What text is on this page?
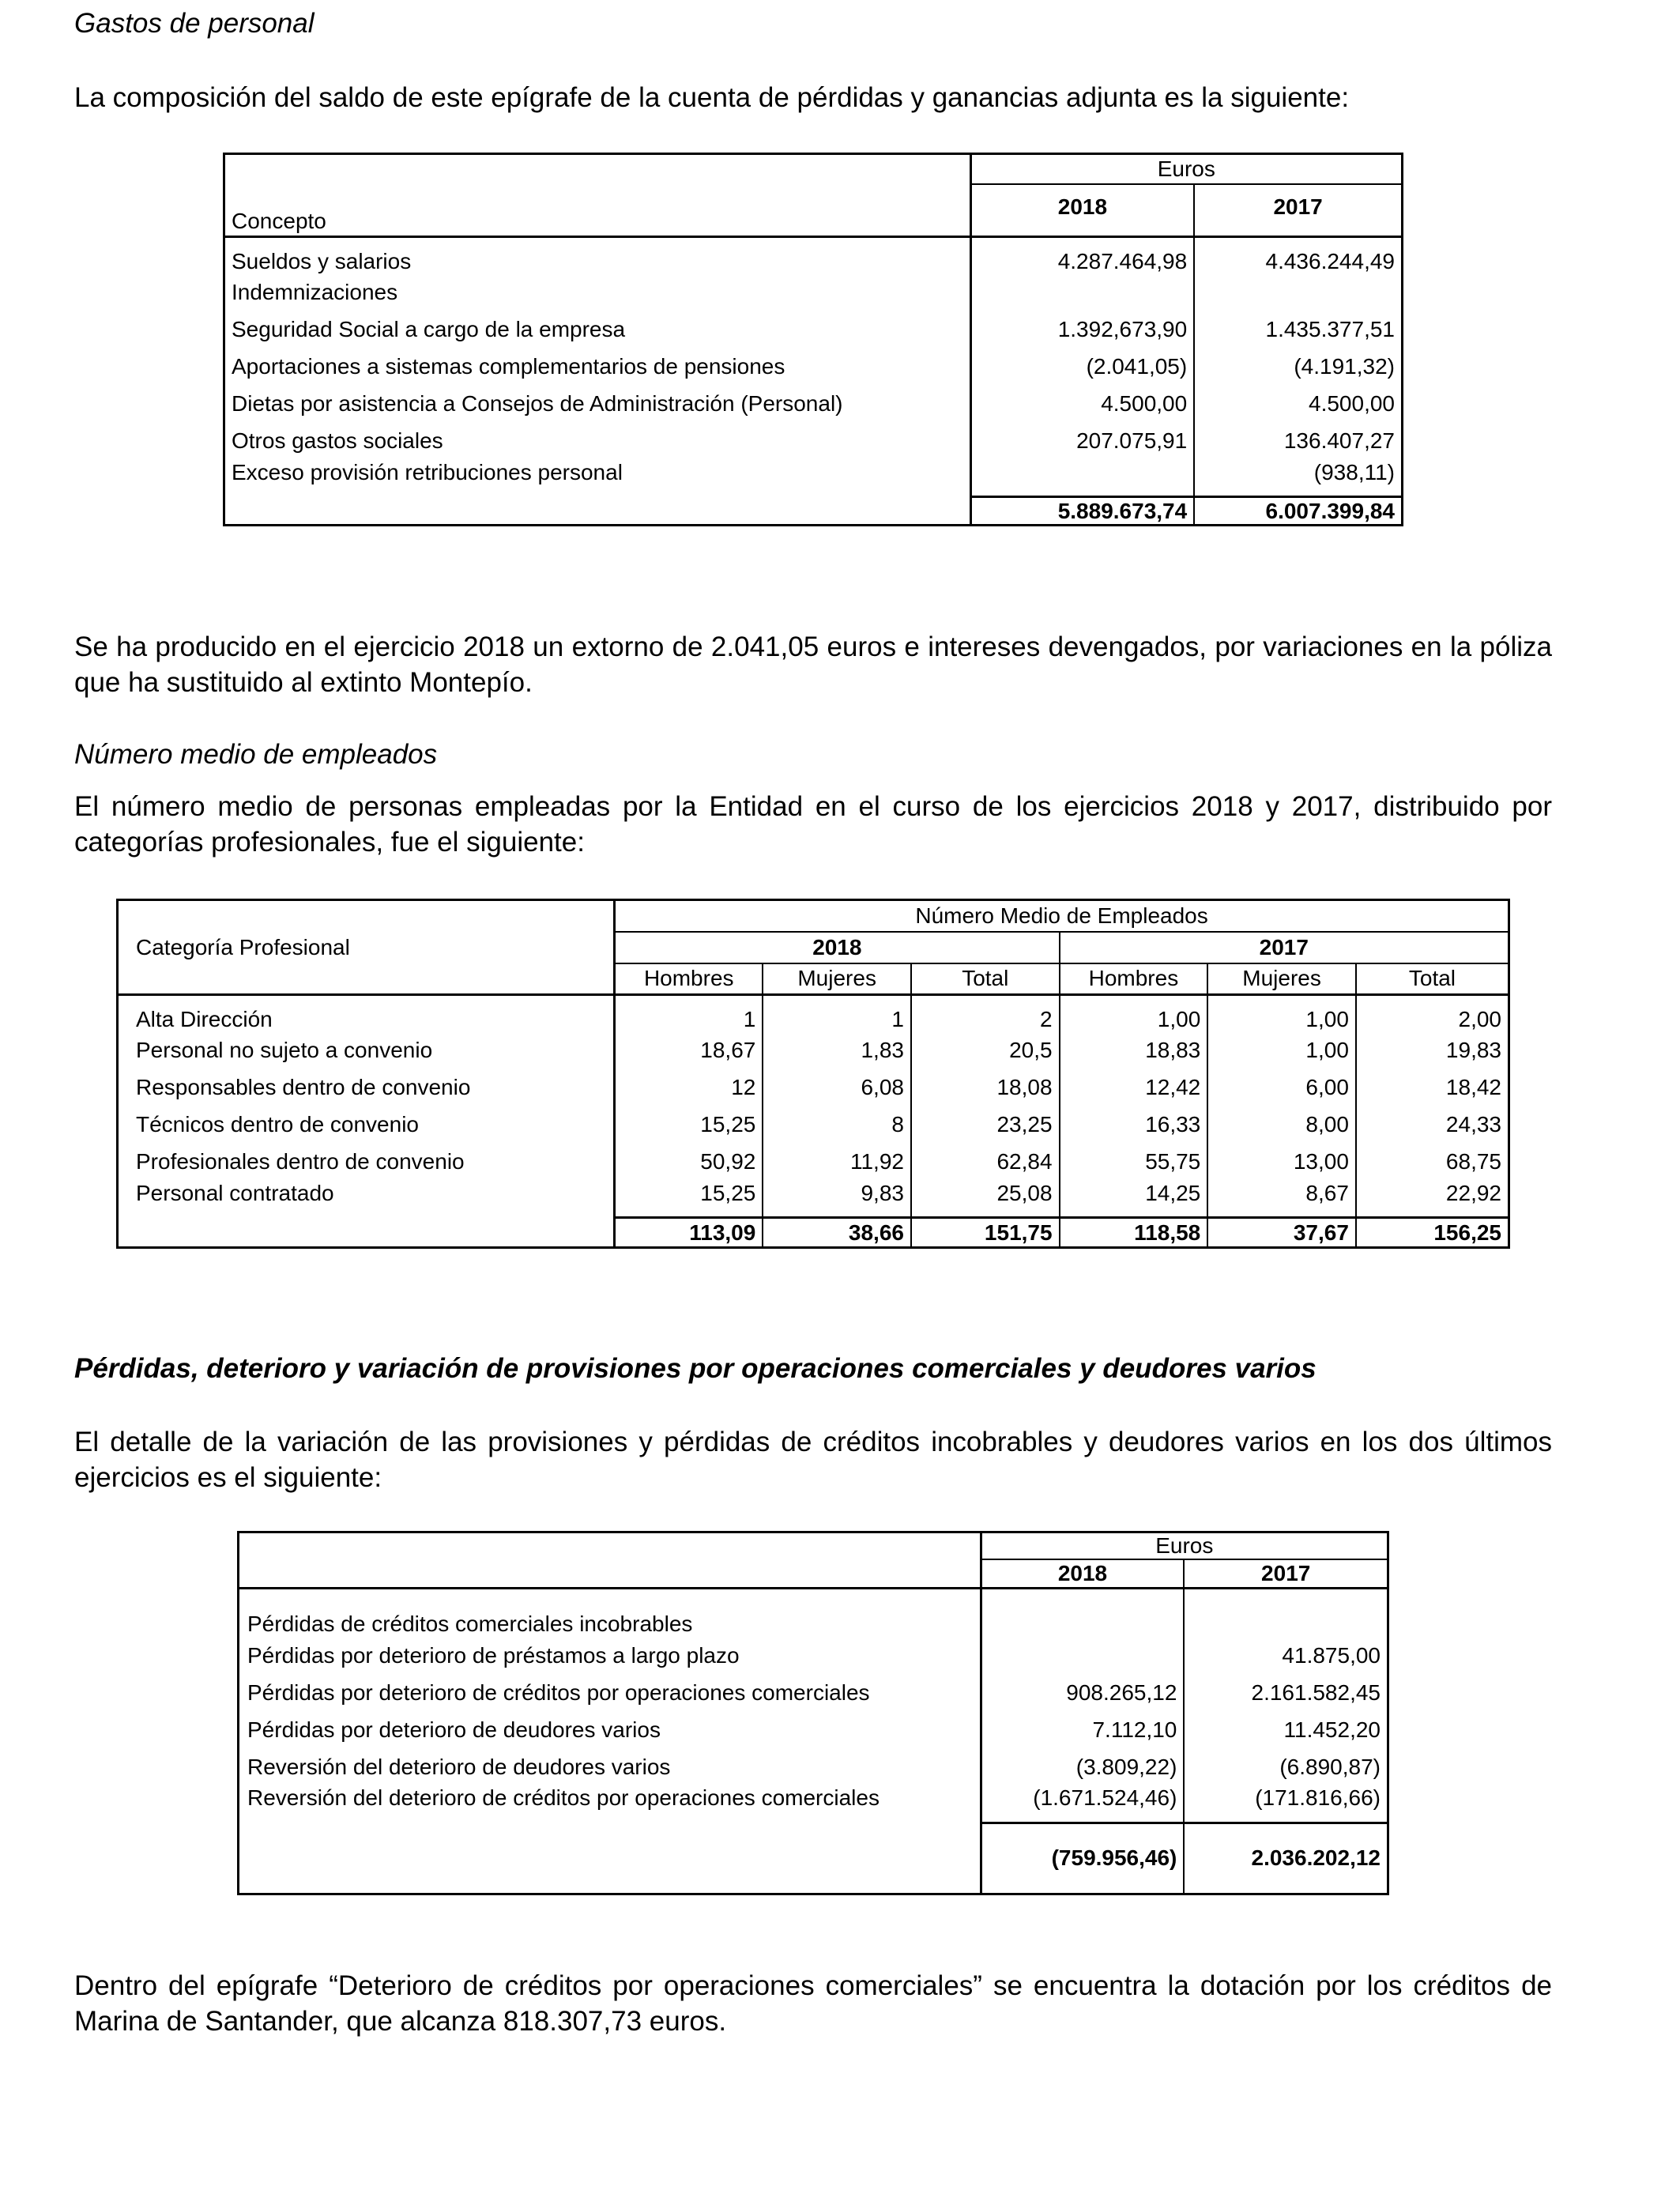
Gastos de personal

La composición del saldo de este epígrafe de la cuenta de pérdidas y ganancias adjunta es la siguiente:

Concepto	Euros	
	2018	2017
Sueldos y salarios	4.287.464,98	4.436.244,49
Indemnizaciones		
Seguridad Social a cargo de la empresa	1.392,673,90	1.435.377,51
Aportaciones a sistemas complementarios de pensiones	(2.041,05)	(4.191,32)
Dietas por asistencia a Consejos de Administración (Personal)	4.500,00	4.500,00
Otros gastos sociales	207.075,91	136.407,27
Exceso provisión retribuciones personal		(938,11)
	5.889.673,74	6.007.399,84

Se ha producido en el ejercicio 2018 un extorno de 2.041,05 euros e intereses devengados, por variaciones en la póliza que ha sustituido al extinto Montepío.

Número medio de empleados

El número medio de personas empleadas por la Entidad en el curso de los ejercicios 2018 y 2017, distribuido por categorías profesionales, fue el siguiente:

Categoría Profesional	Número Medio de Empleados					
	2018			2017		
	Hombres	Mujeres	Total	Hombres	Mujeres	Total
Alta Dirección	1	1	2	1,00	1,00	2,00
Personal no sujeto a convenio	18,67	1,83	20,5	18,83	1,00	19,83
Responsables dentro de convenio	12	6,08	18,08	12,42	6,00	18,42
Técnicos dentro de convenio	15,25	8	23,25	16,33	8,00	24,33
Profesionales dentro de convenio	50,92	11,92	62,84	55,75	13,00	68,75
Personal contratado	15,25	9,83	25,08	14,25	8,67	22,92
	113,09	38,66	151,75	118,58	37,67	156,25

Pérdidas, deterioro y variación de provisiones por operaciones comerciales y deudores varios

El detalle de la variación de las provisiones y pérdidas de créditos incobrables y deudores varios en los dos últimos ejercicios es el siguiente:

	Euros	
	2018	2017
Pérdidas de créditos comerciales incobrables		
Pérdidas por deterioro de préstamos a largo plazo		41.875,00
Pérdidas por deterioro de créditos por operaciones comerciales	908.265,12	2.161.582,45
Pérdidas por deterioro de deudores varios	7.112,10	11.452,20
Reversión del deterioro de deudores varios	(3.809,22)	(6.890,87)
Reversión del deterioro de créditos por operaciones comerciales	(1.671.524,46)	(171.816,66)
	(759.956,46)	2.036.202,12

Dentro del epígrafe “Deterioro de créditos por operaciones comerciales” se encuentra la dotación por los créditos de Marina de Santander, que alcanza 818.307,73 euros.
